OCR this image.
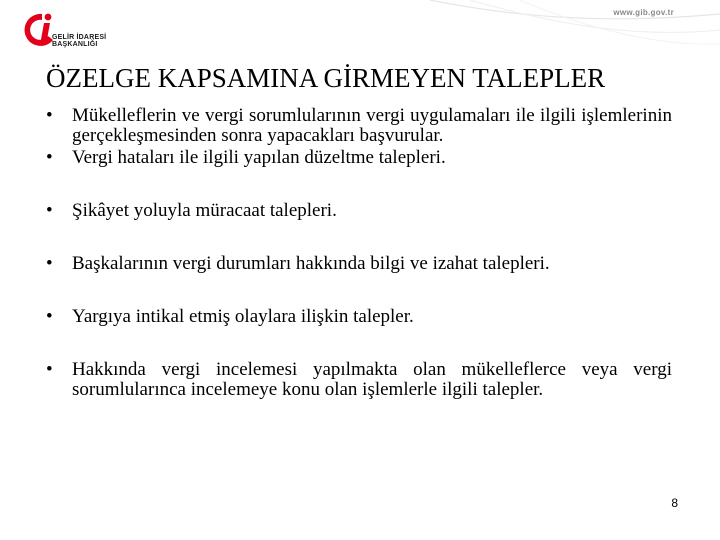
GELİR İDARESİ
BAŞKANLIĞI
www.gib.gov.tr
ÖZELGE KAPSAMINA GİRMEYEN TALEPLER
• Mükelleflerin ve vergi sorumlularının vergi uygulamaları ile ilgili işlemlerinin gerçekleşmesinden sonra yapacakları başvurular.
• Vergi hataları ile ilgili yapılan düzeltme talepleri.
• Şikâyet yoluyla müracaat talepleri.
• Başkalarının vergi durumları hakkında bilgi ve izahat talepleri.
• Yargıya intikal etmiş olaylara ilişkin talepler.
• Hakkında vergi incelemesi yapılmakta olan mükelleflerce veya vergi sorumlularınca incelemeye konu olan işlemlerle ilgili talepler.
8
